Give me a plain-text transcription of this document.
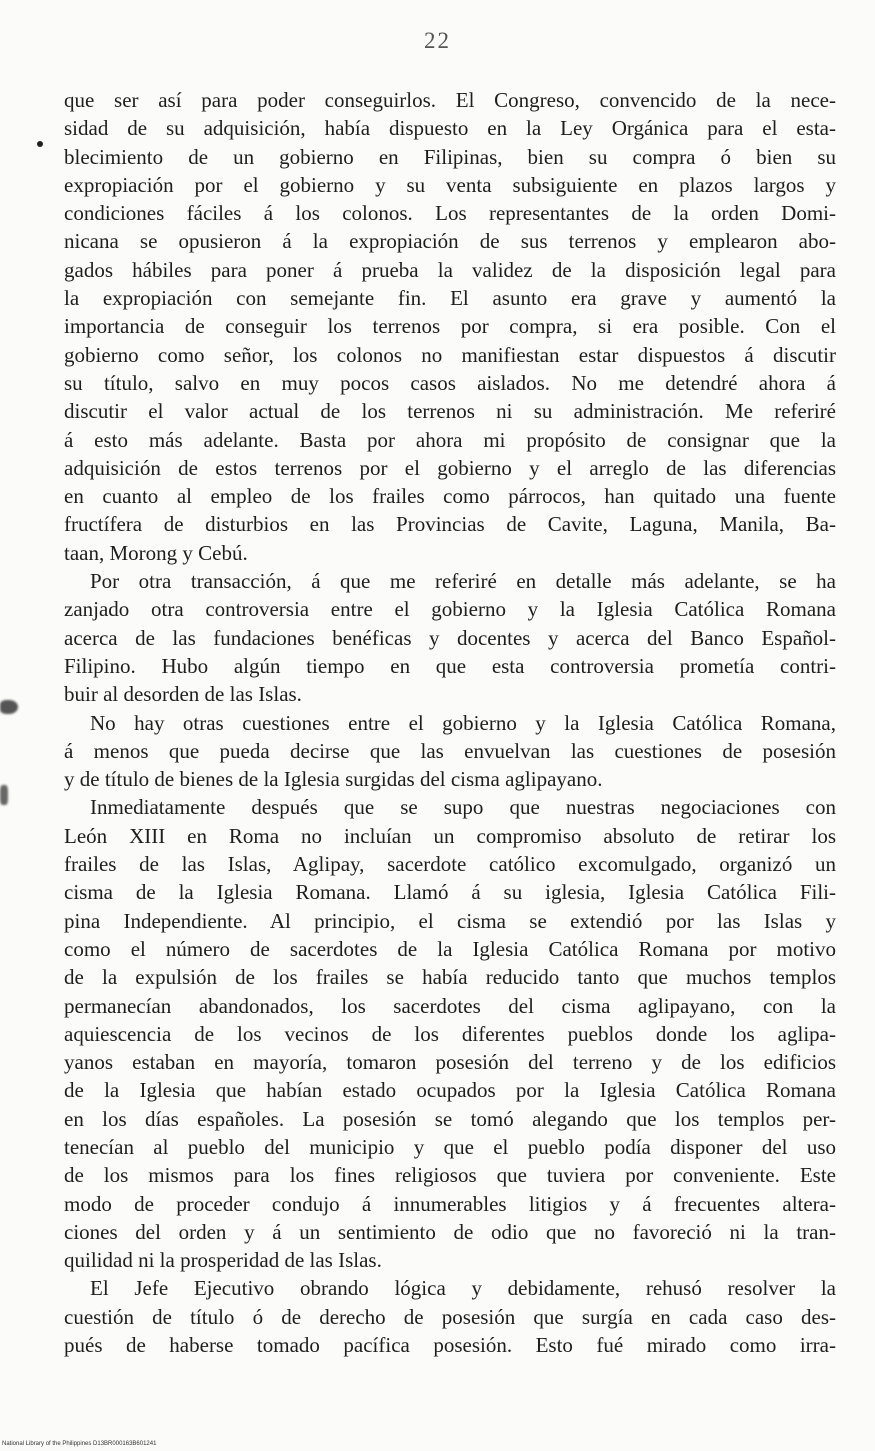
22
que ser así para poder conseguirlos. El Congreso, convencido de la nece-
sidad de su adquisición, había dispuesto en la Ley Orgánica para el esta-
blecimiento de un gobierno en Filipinas, bien su compra ó bien su
expropiación por el gobierno y su venta subsiguiente en plazos largos y
condiciones fáciles á los colonos. Los representantes de la orden Domi-
nicana se opusieron á la expropiación de sus terrenos y emplearon abo-
gados hábiles para poner á prueba la validez de la disposición legal para
la expropiación con semejante fin. El asunto era grave y aumentó la
importancia de conseguir los terrenos por compra, si era posible. Con el
gobierno como señor, los colonos no manifiestan estar dispuestos á discutir
su título, salvo en muy pocos casos aislados. No me detendré ahora á
discutir el valor actual de los terrenos ni su administración. Me referiré
á esto más adelante. Basta por ahora mi propósito de consignar que la
adquisición de estos terrenos por el gobierno y el arreglo de las diferencias
en cuanto al empleo de los frailes como párrocos, han quitado una fuente
fructífera de disturbios en las Provincias de Cavite, Laguna, Manila, Ba-
taan, Morong y Cebú.
Por otra transacción, á que me referiré en detalle más adelante, se ha
zanjado otra controversia entre el gobierno y la Iglesia Católica Romana
acerca de las fundaciones benéficas y docentes y acerca del Banco Español-
Filipino. Hubo algún tiempo en que esta controversia prometía contri-
buir al desorden de las Islas.
No hay otras cuestiones entre el gobierno y la Iglesia Católica Romana,
á menos que pueda decirse que las envuelvan las cuestiones de posesión
y de título de bienes de la Iglesia surgidas del cisma aglipayano.
Inmediatamente después que se supo que nuestras negociaciones con
León XIII en Roma no incluían un compromiso absoluto de retirar los
frailes de las Islas, Aglipay, sacerdote católico excomulgado, organizó un
cisma de la Iglesia Romana. Llamó á su iglesia, Iglesia Católica Fili-
pina Independiente. Al principio, el cisma se extendió por las Islas y
como el número de sacerdotes de la Iglesia Católica Romana por motivo
de la expulsión de los frailes se había reducido tanto que muchos templos
permanecían abandonados, los sacerdotes del cisma aglipayano, con la
aquiescencia de los vecinos de los diferentes pueblos donde los aglipa-
yanos estaban en mayoría, tomaron posesión del terreno y de los edificios
de la Iglesia que habían estado ocupados por la Iglesia Católica Romana
en los días españoles. La posesión se tomó alegando que los templos per-
tenecían al pueblo del municipio y que el pueblo podía disponer del uso
de los mismos para los fines religiosos que tuviera por conveniente. Este
modo de proceder condujo á innumerables litigios y á frecuentes altera-
ciones del orden y á un sentimiento de odio que no favoreció ni la tran-
quilidad ni la prosperidad de las Islas.
El Jefe Ejecutivo obrando lógica y debidamente, rehusó resolver la
cuestión de título ó de derecho de posesión que surgía en cada caso des-
pués de haberse tomado pacífica posesión. Esto fué mirado como irra-
National Library of the Philippines D13BR000163B601241
